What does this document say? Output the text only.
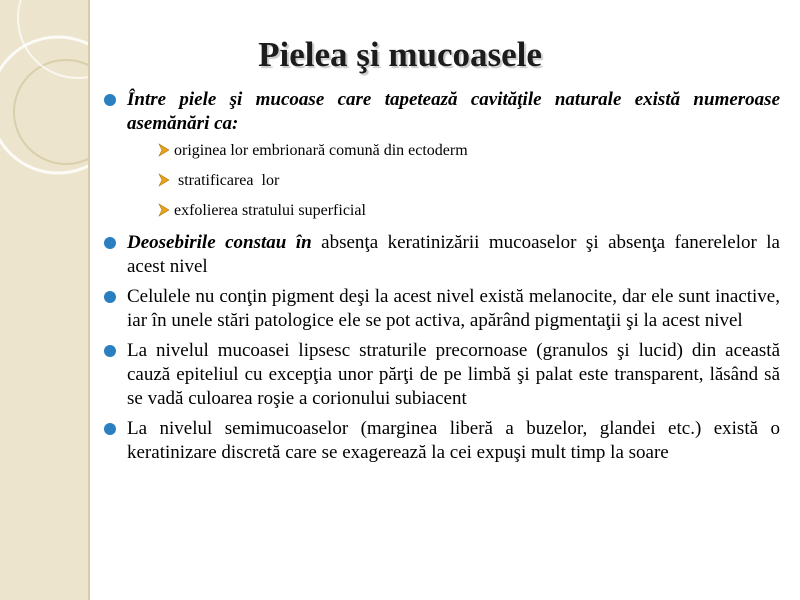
Pielea şi mucoasele
Între piele şi mucoase care tapetează cavităţile naturale există numeroase asemănări ca:
originea lor embrionară comună din ectoderm
stratificarea  lor
exfolierea stratului superficial
Deosebirile constau în absenţa keratinizării mucoaselor şi absenţa fanerelelor la acest nivel
Celulele nu conţin pigment deşi la acest nivel există melanocite, dar ele sunt inactive, iar în unele stări patologice ele se pot activa, apărând pigmentaţii şi la acest nivel
La nivelul mucoasei lipsesc straturile precornoase (granulos şi lucid) din această cauză epiteliul cu excepţia unor părţi de pe limbă şi palat este transparent, lăsând să se vadă culoarea roşie a corionului subiacent
La nivelul semimucoaselor (marginea liberă a buzelor, glandei etc.) există o keratinizare discretă care se exagerează la cei expuşi mult timp la soare
